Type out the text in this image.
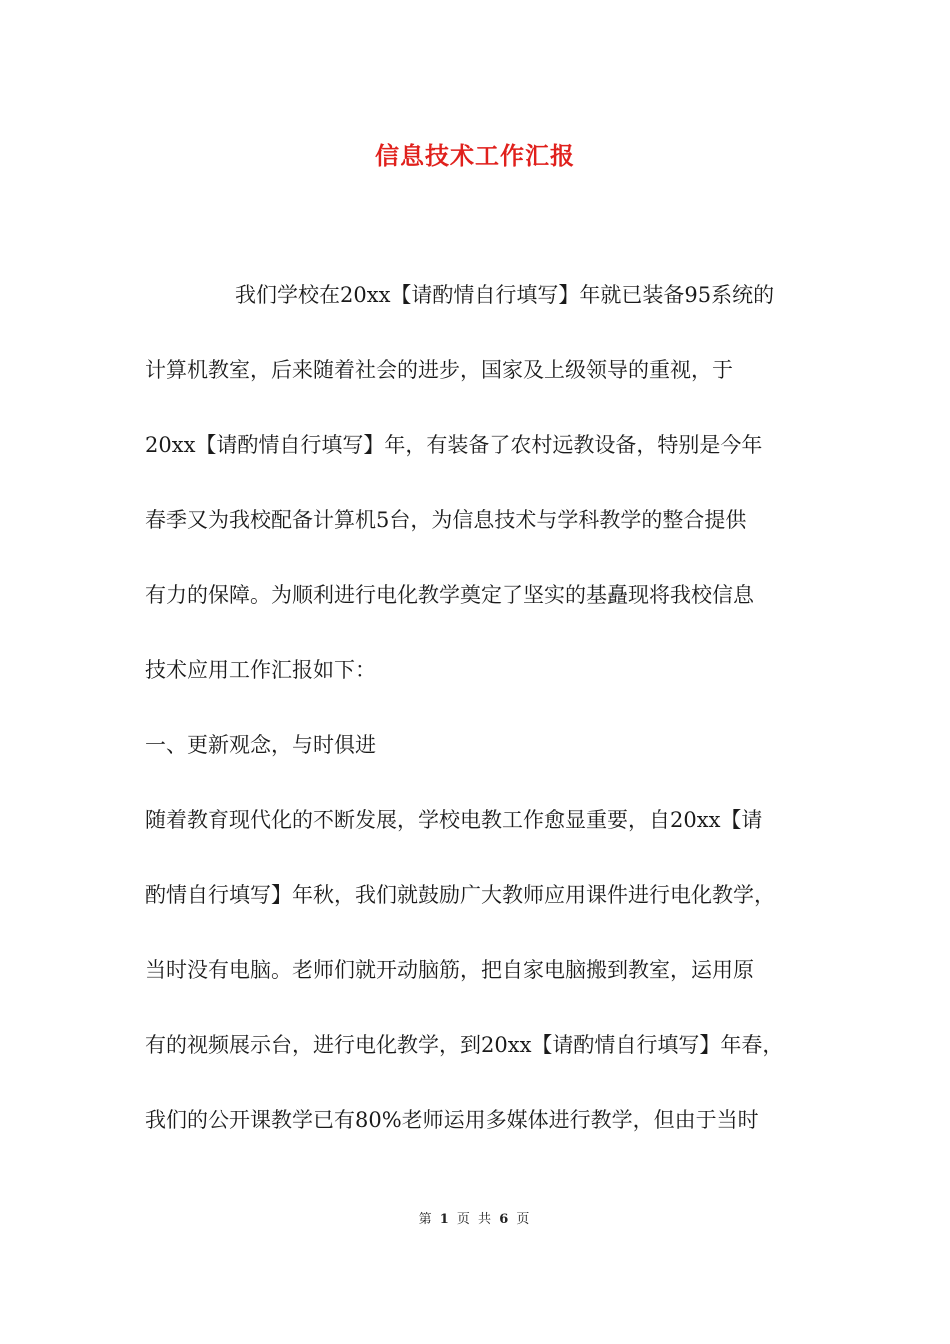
信息技术工作汇报
我们学校在20xx【请酌情自行填写】年就已装备95系统的
计算机教室，后来随着社会的进步，国家及上级领导的重视，于
20xx【请酌情自行填写】年，有装备了农村远教设备，特别是今年
春季又为我校配备计算机5台，为信息技术与学科教学的整合提供
有力的保障。为顺利进行电化教学奠定了坚实的基矗现将我校信息
技术应用工作汇报如下：
一、更新观念，与时俱进
随着教育现代化的不断发展，学校电教工作愈显重要，自20xx【请
酌情自行填写】年秋，我们就鼓励广大教师应用课件进行电化教学，
当时没有电脑。老师们就开动脑筋，把自家电脑搬到教室，运用原
有的视频展示台，进行电化教学，到20xx【请酌情自行填写】年春，
我们的公开课教学已有80%老师运用多媒体进行教学，但由于当时
第 1 页 共 6 页
